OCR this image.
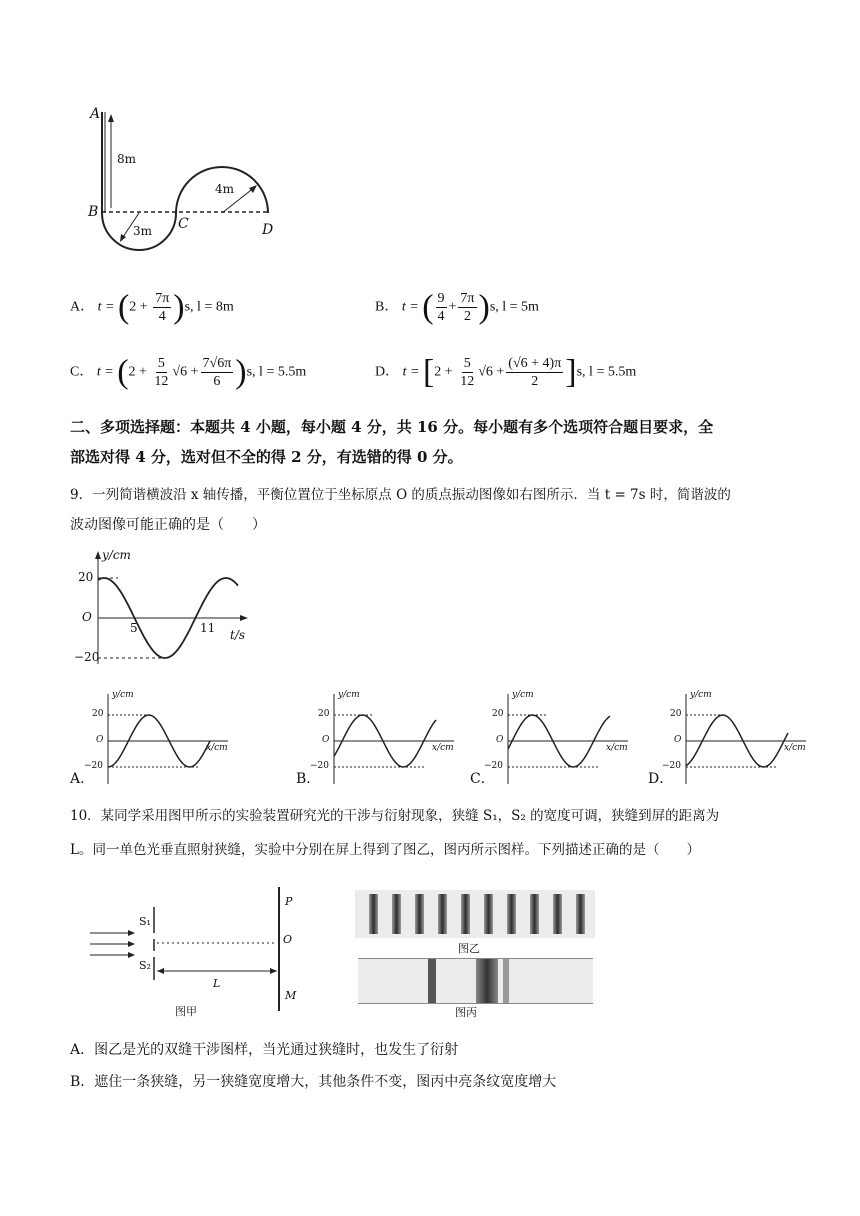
A
B
C	D
8m
3m
4m
A． $t = (2 + \frac{7\pi}{4} )s$, l = 8m	B． t = ( $\frac{9}{4} + \frac{7\pi}{2} )s$, l = 5m
C． $t = (2 + \frac{5}{12} √6 + \frac{7√6\pi}{6} )s$, l = 5.5m	D． $t = [2 + \frac{5}{12} √6 + \frac{(√6 + 4)\pi}{2} ]s$, l = 5.5m
二、多项选择题：本题共 4 小题，每小题 4 分，共 16 分。每小题有多个选项符合题目要求，全
部选对得 4 分，选对但不全的得 2 分，有选错的得 0 分。
9．一列简谐横波沿 x 轴传播，平衡位置位于坐标原点 O 的质点振动图像如右图所示．当 t = 7s 时，简谐波的
波动图像可能正确的是（　　）
y/cm
20
O
5	11 t/s
−20
y/cm
20
O
−20
x/cm
A．
y/cm
20
O
−20
x/cm
B．
y/cm
20
O
−20
x/cm
C．
y/cm
20
O
−20
x/cm
D．
10．某同学采用图甲所示的实验装置研究光的干涉与衍射现象，狭缝 S₁，S₂ 的宽度可调，狭缝到屏的距离为
L。同一单色光垂直照射狭缝，实验中分别在屏上得到了图乙，图丙所示图样。下列描述正确的是（　　）
S₁
S₂
P
O
M
L
图甲
图乙
图丙
A．图乙是光的双缝干涉图样，当光通过狭缝时，也发生了衍射
B．遮住一条狭缝，另一狭缝宽度增大，其他条件不变，图丙中亮条纹宽度增大
